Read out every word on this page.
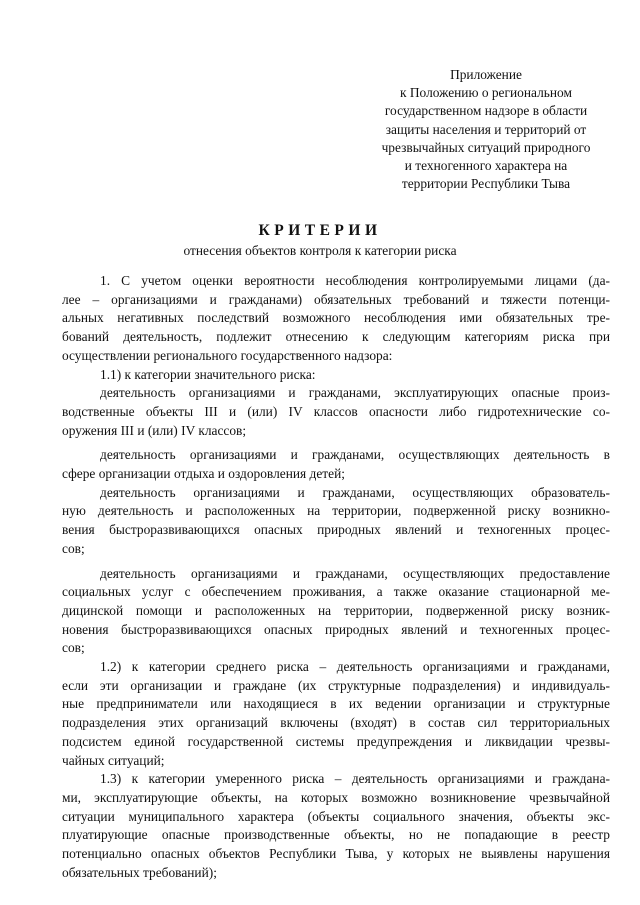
Приложение
к Положению о региональном
государственном надзоре в области
защиты населения и территорий от
чрезвычайных ситуаций природного
и техногенного характера на
территории Республики Тыва
КРИТЕРИИ
отнесения объектов контроля к категории риска
1. С учетом оценки вероятности несоблюдения контролируемыми лицами (да-
лее – организациями и гражданами) обязательных требований и тяжести потенци-
альных негативных последствий возможного несоблюдения ими обязательных тре-
бований деятельность, подлежит отнесению к следующим категориям риска при
осуществлении регионального государственного надзора:
1.1) к категории значительного риска:
деятельность организациями и гражданами, эксплуатирующих опасные произ-
водственные объекты III и (или) IV классов опасности либо гидротехнические со-
оружения III и (или) IV классов;
деятельность организациями и гражданами, осуществляющих деятельность в
сфере организации отдыха и оздоровления детей;
деятельность организациями и гражданами, осуществляющих образователь-
ную деятельность и расположенных на территории, подверженной риску возникно-
вения быстроразвивающихся опасных природных явлений и техногенных процес-
сов;
деятельность организациями и гражданами, осуществляющих предоставление
социальных услуг с обеспечением проживания, а также оказание стационарной ме-
дицинской помощи и расположенных на территории, подверженной риску возник-
новения быстроразвивающихся опасных природных явлений и техногенных процес-
сов;
1.2) к категории среднего риска – деятельность организациями и гражданами,
если эти организации и граждане (их структурные подразделения) и индивидуаль-
ные предприниматели или находящиеся в их ведении организации и структурные
подразделения этих организаций включены (входят) в состав сил территориальных
подсистем единой государственной системы предупреждения и ликвидации чрезвы-
чайных ситуаций;
1.3) к категории умеренного риска – деятельность организациями и граждана-
ми, эксплуатирующие объекты, на которых возможно возникновение чрезвычайной
ситуации муниципального характера (объекты социального значения, объекты экс-
плуатирующие опасные производственные объекты, но не попадающие в реестр
потенциально опасных объектов Республики Тыва, у которых не выявлены нарушения
обязательных требований);
